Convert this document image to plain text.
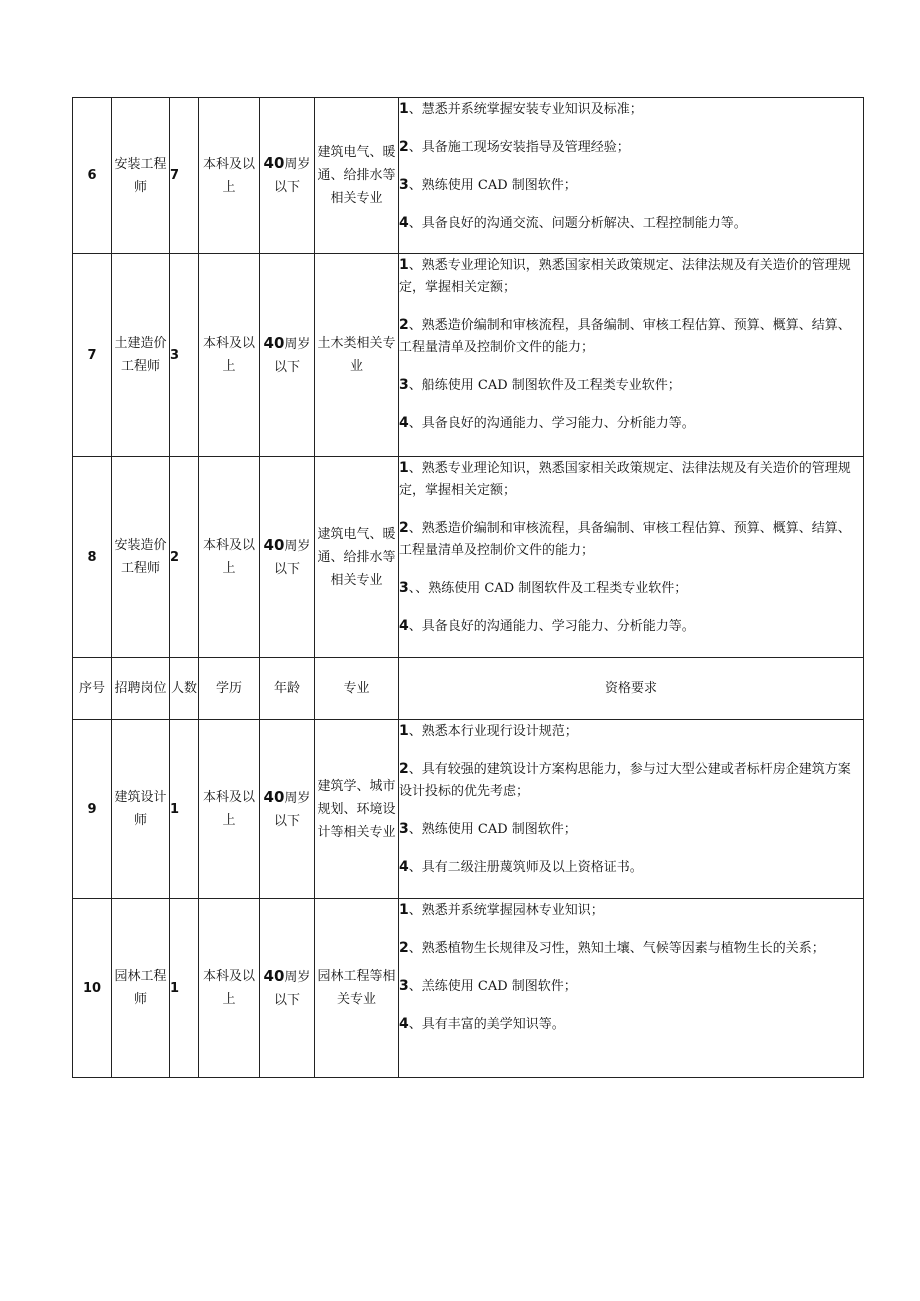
6	安装工程师	7	本科及以上	40周岁以下	建筑电气、暖通、给排水等相关专业	1、慧悉并系统掌握安装专业知识及标准；
2、具备施工现场安装指导及管理经验；
3、熟练使用 CAD 制图软件；
4、具备良好的沟通交流、问题分析解决、工程控制能力等。

7	土建造价工程师	3	本科及以上	40周岁以下	土木类相关专业	1、熟悉专业理论知识，熟悉国家相关政策规定、法律法规及有关造价的管理规定，掌握相关定额；
2、熟悉造价编制和审核流程，具备编制、审核工程估算、预算、概算、结算、工程量清单及控制价文件的能力；
3、船练使用 CAD 制图软件及工程类专业软件；
4、具备良好的沟通能力、学习能力、分析能力等。

8	安装造价工程师	2	本科及以上	40周岁以下	逮筑电气、暖通、给排水等相关专业	1、熟悉专业理论知识，熟悉国家相关政策规定、法律法规及有关造价的管理规定，掌握相关定额；
2、熟悉造价编制和审核流程，具备编制、审核工程估算、预算、概算、结算、工程量清单及控制价文件的能力；
3、、熟练使用 CAD 制图软件及工程类专业软件；
4、具备良好的沟通能力、学习能力、分析能力等。

序号	招聘岗位	人数	学历	年龄	专业	资格要求
9	建筑设计师	1	本科及以上	40周岁以下	建筑学、城市规划、环境设计等相关专业	1、熟悉本行业现行设计规范；
2、具有较强的建筑设计方案构思能力，参与过大型公建或者标杆房企建筑方案设计投标的优先考虑；
3、熟练使用 CAD 制图软件；
4、具有二级注册蔑筑师及以上资格证书。

10	园林工程师	1	本科及以上	40周岁以下	园林工程等相关专业	1、熟悉并系统掌握园林专业知识；
2、熟悉植物生长规律及习性，熟知土壤、气候等因素与植物生长的关系；
3、羔练使用 CAD 制图软件；
4、具有丰富的美学知识等。
